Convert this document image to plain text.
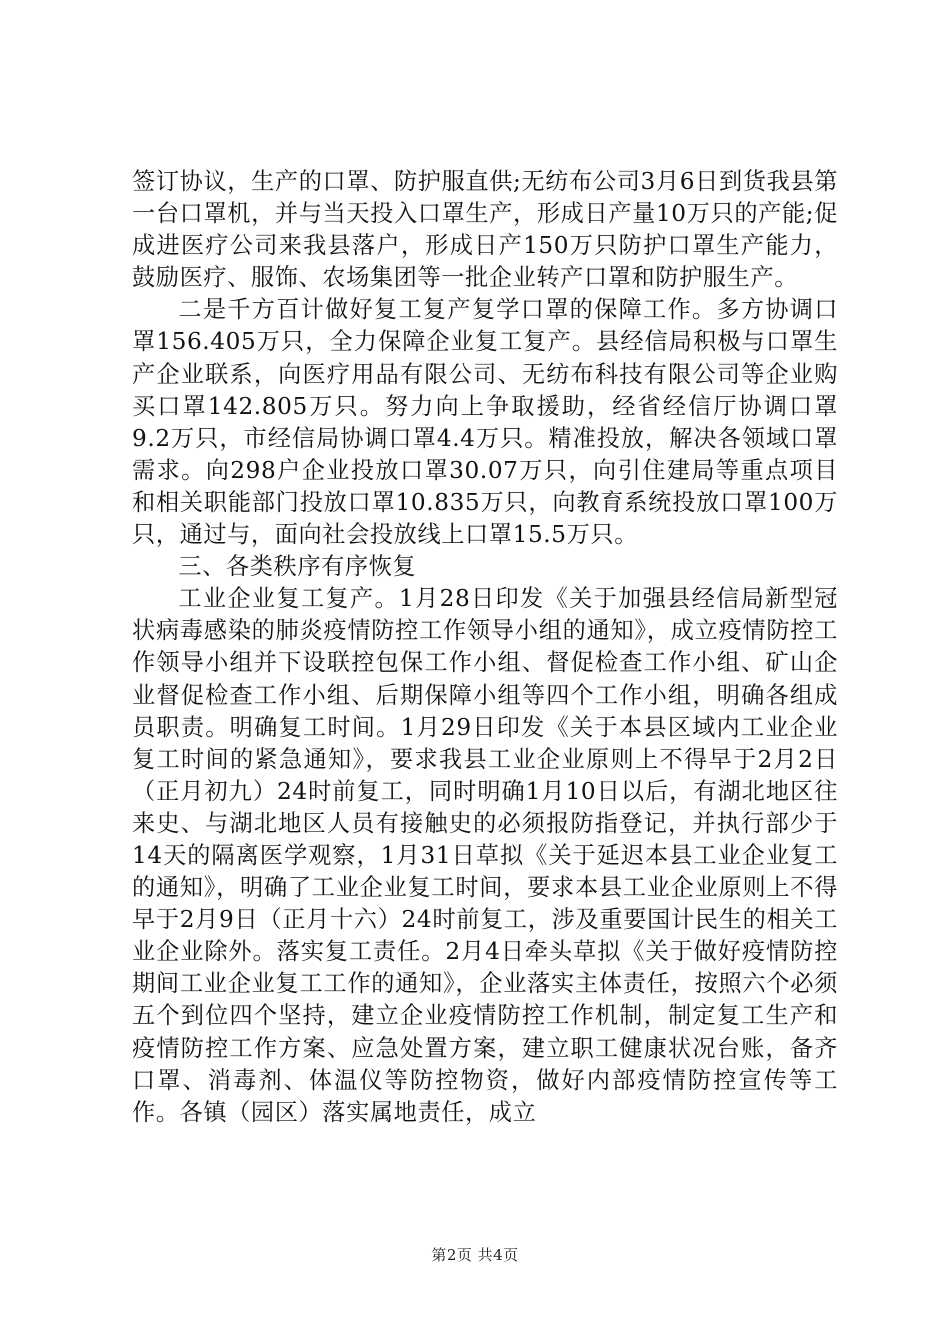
签订协议，生产的口罩、防护服直供;无纺布公司3月6日到货我县第一台口罩机，并与当天投入口罩生产，形成日产量10万只的产能;促成进医疗公司来我县落户，形成日产150万只防护口罩生产能力，鼓励医疗、服饰、农场集团等一批企业转产口罩和防护服生产。

二是千方百计做好复工复产复学口罩的保障工作。多方协调口罩156.405万只，全力保障企业复工复产。县经信局积极与口罩生产企业联系，向医疗用品有限公司、无纺布科技有限公司等企业购买口罩142.805万只。努力向上争取援助，经省经信厅协调口罩9.2万只，市经信局协调口罩4.4万只。精准投放，解决各领域口罩需求。向298户企业投放口罩30.07万只，向引住建局等重点项目和相关职能部门投放口罩10.835万只，向教育系统投放口罩100万只，通过与，面向社会投放线上口罩15.5万只。

三、各类秩序有序恢复

工业企业复工复产。1月28日印发《关于加强县经信局新型冠状病毒感染的肺炎疫情防控工作领导小组的通知》，成立疫情防控工作领导小组并下设联控包保工作小组、督促检查工作小组、矿山企业督促检查工作小组、后期保障小组等四个工作小组，明确各组成员职责。明确复工时间。1月29日印发《关于本县区域内工业企业复工时间的紧急通知》，要求我县工业企业原则上不得早于2月2日（正月初九）24时前复工，同时明确1月10日以后，有湖北地区往来史、与湖北地区人员有接触史的必须报防指登记，并执行部少于14天的隔离医学观察，1月31日草拟《关于延迟本县工业企业复工的通知》，明确了工业企业复工时间，要求本县工业企业原则上不得早于2月9日（正月十六）24时前复工，涉及重要国计民生的相关工业企业除外。落实复工责任。2月4日牵头草拟《关于做好疫情防控期间工业企业复工工作的通知》，企业落实主体责任，按照六个必须五个到位四个坚持，建立企业疫情防控工作机制，制定复工生产和疫情防控工作方案、应急处置方案，建立职工健康状况台账，备齐口罩、消毒剂、体温仪等防控物资，做好内部疫情防控宣传等工作。各镇（园区）落实属地责任，成立

第2页 共4页
